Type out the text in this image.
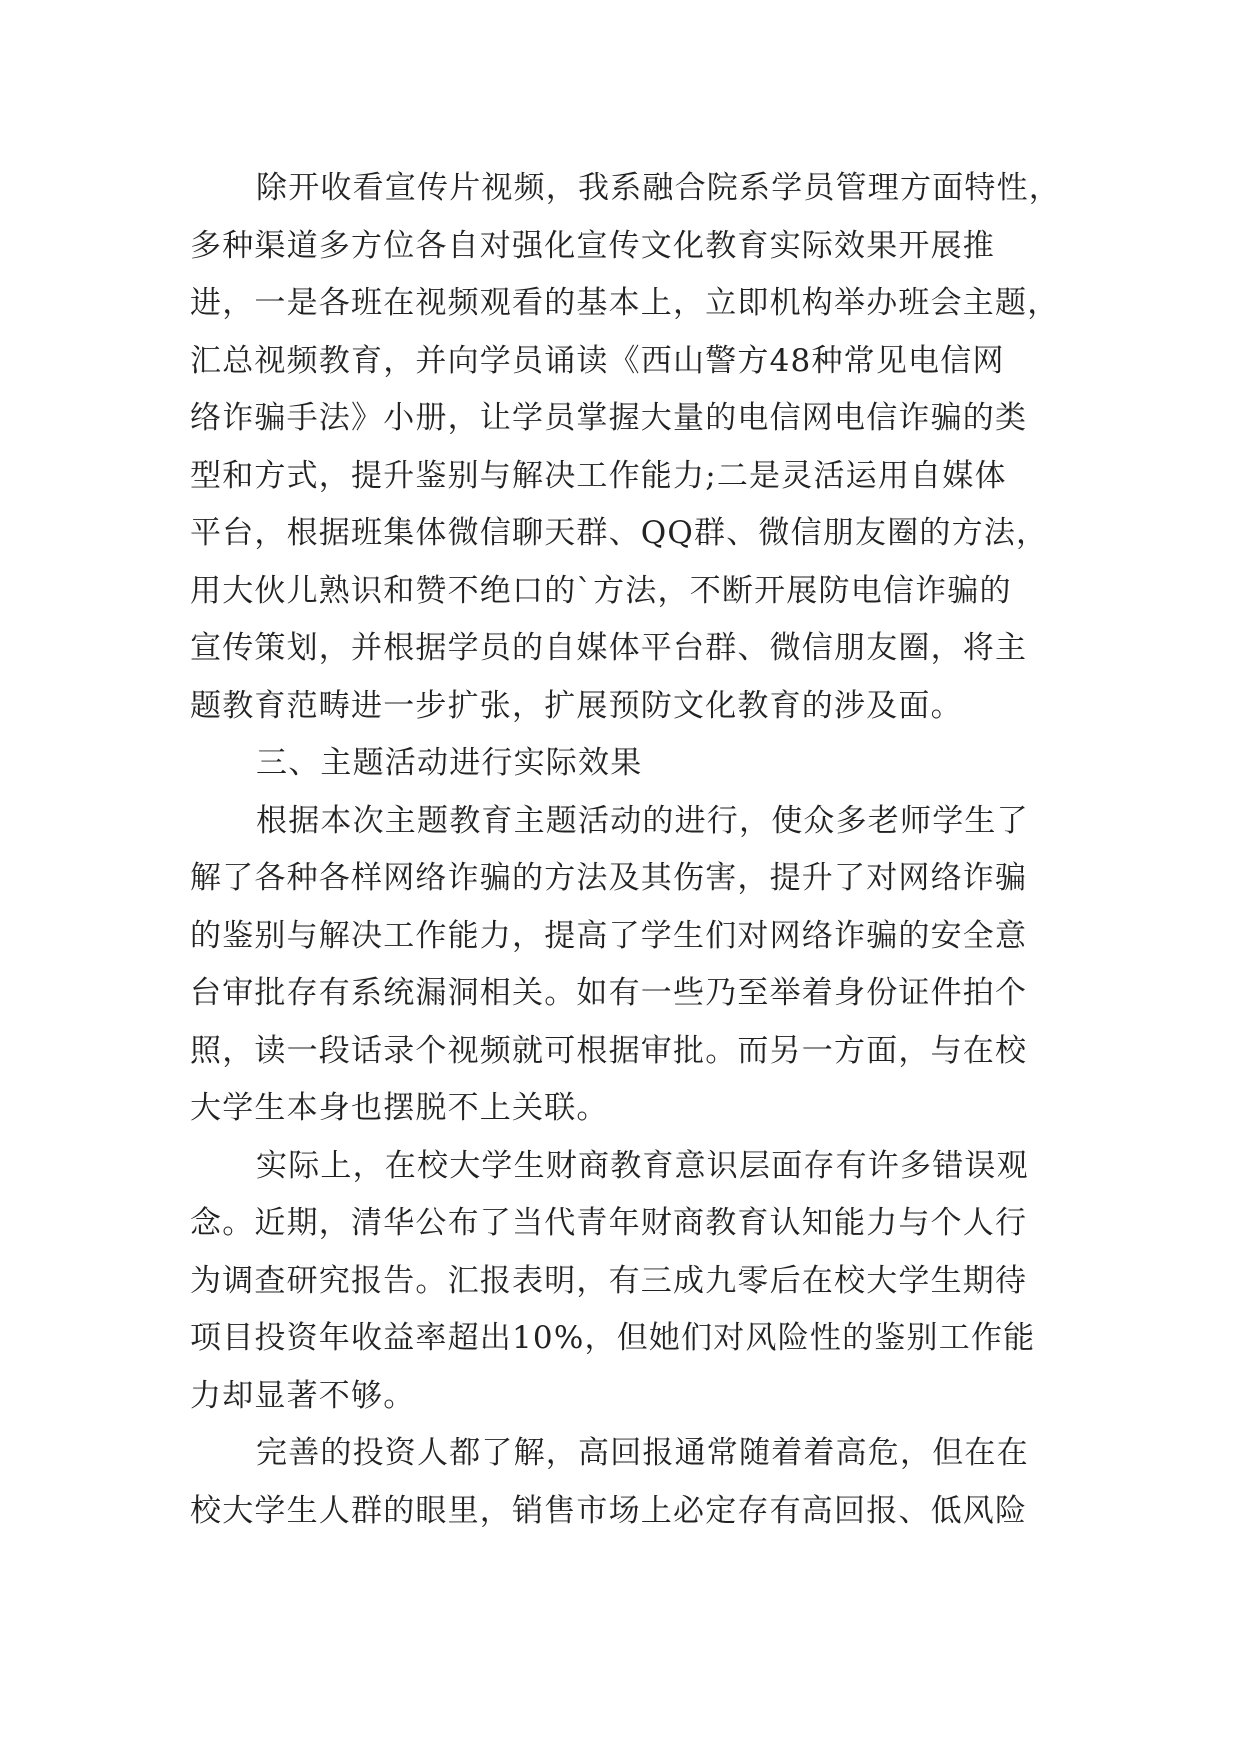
除开收看宣传片视频，我系融合院系学员管理方面特性，
多种渠道多方位各自对强化宣传文化教育实际效果开展推
进，一是各班在视频观看的基本上，立即机构举办班会主题，
汇总视频教育，并向学员诵读《西山警方48种常见电信网
络诈骗手法》小册，让学员掌握大量的电信网电信诈骗的类
型和方式，提升鉴别与解决工作能力;二是灵活运用自媒体
平台，根据班集体微信聊天群、QQ群、微信朋友圈的方法，
用大伙儿熟识和赞不绝口的`方法，不断开展防电信诈骗的
宣传策划，并根据学员的自媒体平台群、微信朋友圈，将主
题教育范畴进一步扩张，扩展预防文化教育的涉及面。
三、主题活动进行实际效果
根据本次主题教育主题活动的进行，使众多老师学生了
解了各种各样网络诈骗的方法及其伤害，提升了对网络诈骗
的鉴别与解决工作能力，提高了学生们对网络诈骗的安全意
台审批存有系统漏洞相关。如有一些乃至举着身份证件拍个
照，读一段话录个视频就可根据审批。而另一方面，与在校
大学生本身也摆脱不上关联。
实际上，在校大学生财商教育意识层面存有许多错误观
念。近期，清华公布了当代青年财商教育认知能力与个人行
为调查研究报告。汇报表明，有三成九零后在校大学生期待
项目投资年收益率超出10%，但她们对风险性的鉴别工作能
力却显著不够。
完善的投资人都了解，高回报通常随着着高危，但在在
校大学生人群的眼里，销售市场上必定存有高回报、低风险
